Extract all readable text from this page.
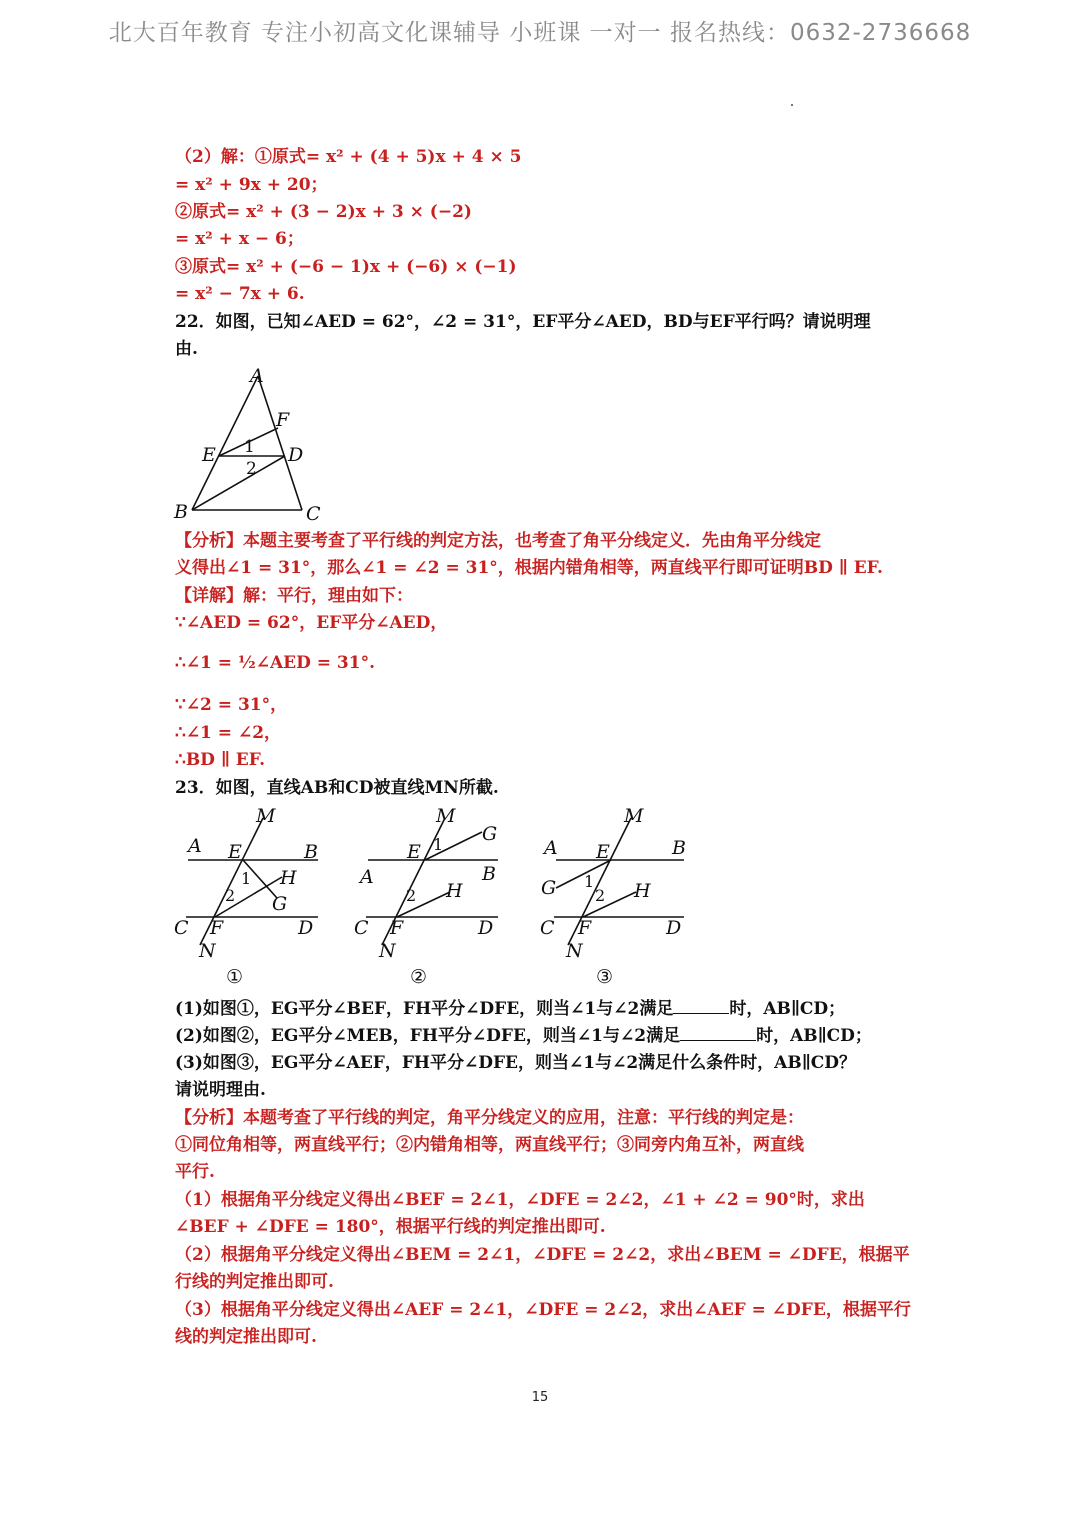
北大百年教育 专注小初高文化课辅导 小班课 一对一 报名热线：0632-2736668
（2）解：①原式= x² + (4 + 5)x + 4 × 5
= x² + 9x + 20；
②原式= x² + (3 − 2)x + 3 × (−2)
= x² + x − 6；
③原式= x² + (−6 − 1)x + (−6) × (−1)
= x² − 7x + 6.
22．如图，已知∠AED = 62°，∠2 = 31°，EF平分∠AED，BD与EF平行吗？请说明理
由.
A
F
E	D
B	C
1
2
【分析】本题主要考查了平行线的判定方法，也考查了角平分线定义．先由角平分线定
义得出∠1 = 31°，那么∠1 = ∠2 = 31°，根据内错角相等，两直线平行即可证明BD ∥ EF.
【详解】解：平行，理由如下：
∵∠AED = 62°，EF平分∠AED，
∴∠1 = ½∠AED = 31°.
∵∠2 = 31°，
∴∠1 = ∠2，
∴BD ∥ EF.
23．如图，直线AB和CD被直线MN所截.
M
A E	B
1 H
2 G
C F	D
N
①
M
G
E 1
A	B
H
2
C F	D
N
②
M
A E	B
G 1
2 H
C F	D
N
③
(1)如图①，EG平分∠BEF，FH平分∠DFE，则当∠1与∠2满足	时，AB∥CD；
(2)如图②，EG平分∠MEB，FH平分∠DFE，则当∠1与∠2满足	时，AB∥CD；
(3)如图③，EG平分∠AEF，FH平分∠DFE，则当∠1与∠2满足什么条件时，AB∥CD？
请说明理由.
【分析】本题考查了平行线的判定，角平分线定义的应用，注意：平行线的判定是：
①同位角相等，两直线平行；②内错角相等，两直线平行；③同旁内角互补，两直线
平行.
（1）根据角平分线定义得出∠BEF = 2∠1，∠DFE = 2∠2，∠1 + ∠2 = 90°时，求出
∠BEF + ∠DFE = 180°，根据平行线的判定推出即可.
（2）根据角平分线定义得出∠BEM = 2∠1，∠DFE = 2∠2，求出∠BEM = ∠DFE，根据平
行线的判定推出即可.
（3）根据角平分线定义得出∠AEF = 2∠1，∠DFE = 2∠2，求出∠AEF = ∠DFE，根据平行
线的判定推出即可.
15
